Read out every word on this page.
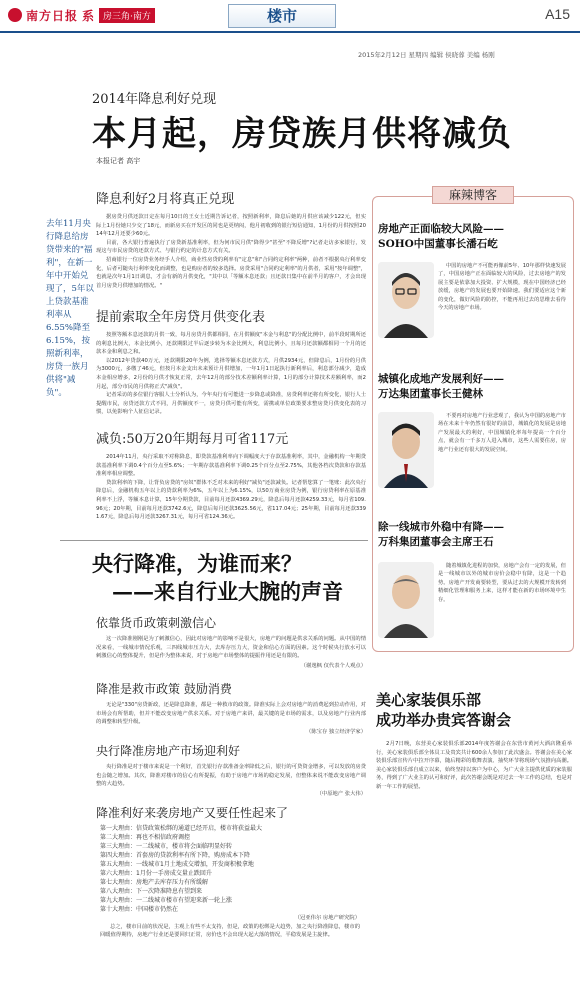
南方日报 系 房三角·南方	楼市	A15
2015年2月12日 星期四 编辑 侯晓蓉 美编 杨刚
2014年降息利好兑现
本月起，房贷族月供将减负
本报记者 高宇
去年11月央行降息给房贷带来的"福利"，在新一年中开始兑现了，5年以上贷款基准利率从6.55%降至6.15%，按照新利率，房贷一族月供将"减负"。
降息利好2月将真正兑现

据房贷月供还款日定在每月10日的王女士近期告诉记者，按照新利率，降息后她的月供应该减少122元，但实际上1月份她只少交了18元，而新房买在开发区的同也是更纳闷，他月初收到的银行短信通知，1月份的月供按照2014年12月还要少60元。

目前，各大银行普遍执行了房贷新基准利率，但为何市民月供"降得少"甚至"不降反增"?记者走访多家银行，发现这与市民房贷的还款方式、与银行约定的计息方式有关。

招商银行一位房贷业务经手人介绍，商业性房贷的利率有"定息"和"合同约定利率"两种，前者不根据央行利率变化，后者可随央行利率变化而调整，也是购房者的较多选择。房贷采用"合同约定利率"的月供者，采用"按年调整"，也就是次年1月1日调息，才会有新的月供变化，"其中以「等额本息还款」且还款日集中在前半月的客户，才会出现首月房贷月供增加的情况。"

提前索取全年房贷月供变化表

按照等额本息还款的月供一致，每月房贷月供都相同，在月供额度"本金与利息"的分配比例中，前半段时期所还的利息比例大，本金比例小，还款期限过半后逐步转为本金比例大，利息比例小，且每月还款额都相同一个月的还款本金和利息之和。

以2012年贷款40万元，还款期限20年为例，选择等额本息还款方式，月供2934元，但降息后，1月份的月供为3000元，多缴了46元，但按月本金支出未来预计月供增加，一年1月1日起执行新利率后，利息部分减少，造成本金相应增多，2月份的月供才恢复正常，去年12月的部分技术差额利率计算，1月的部分计算技术差额利率，而2月起，部分市民的月供将正式"减负"。

记者采访的多位银行客服人士分析认为，今年央行有可能进一步降息或降准，房贷利率还将有所变化，银行人士提醒市民，房贷还款方式不同，月供额度不一，房贷月供可能有所变，需携或单位政策要求整房贷月供变化表的习惯，以免影响个人征信记录。

减负:50万20年期每月可省117元

2014年11月，央行采取不对称降息，即贷款基准利率向下调幅度大于存款基准利率，其中，金融机构一年期贷款基准利率下调0.4个百分点至5.6%；一年期存款基准利率下调0.25个百分点至2.75%，其他各档次贷款和存款基准利率相应调整。

贷款利率的下降，让背负房贷的"房奴"群体不乏对未来的利好"减负"还款减负。记者帮您算了一笔账：此次央行降息后，金融机构五年以上的贷款利率为6%，五年以上为6.15%，以50万商业房贷为例，银行房贷利率在原基准利率不上浮，等额本息计算，15年分期贷款，目前每月还款4369.29元，降息后每月还款4259.33元，每月省109.96元；20年期，目前每月还款3742.6元，降息后每月还款3625.56元，省117.04元；25年期，目前每月还款3391.67元，降息后每月还款3267.31元，每月可省124.36元。

央行降准，为谁而来？
——来自行业大腕的声音
依靠货币政策刺激信心

这一次降准刚刚是为了刺激信心，因此对房地产的影响不是很大，房地产的问题是供求关系的问题。从中国的情况来看，一线城市情况乐观，三四线城市压力大，去库存压力大，资金和信心方面的因素。这个时候央行放水可以刺激信心的整体提升，但是作为整体来说，对于房地产市场整体的提振作用还是有限的。

（谢逸枫 仅代表个人观点）

降准是救市政策 鼓励消费

无论是"330"房贷新政，还是降息降准，都是一种救市的政策。降准实际上会对房地产的消费起到拉动作用，对市场会有所帮助，但并不能改变房地产供求关系。对于房地产来讲，最关键的是市场的需求，以及房地产行业内部的调整和转型升级。

（陈宝存 独立经济学家）

央行降准房地产市场迎利好

央行降准是对于楼市来说是一个利好，首先银行存款准备金率降低之后，银行的可贷资金增多，可以发放的房贷也会随之增加。其次，降准对楼市的信心有所提振，有助于房地产市场的稳定发展，但整体来说不能改变房地产调整的大趋势。

（中原地产 张大伟）

降准利好来袭房地产又要任性起来了
第一大理由：信贷政策松绑的通道已经开启，楼市将获益最大
第二大理由：再也不相信政府调控
第三大理由：一二线城市，楼市将会面临明显好转
第四大理由：首套房的贷款利率有所下降，购房成本下降
第五大理由：一线城市1月土地成交增加，开发商积极拿地
第六大理由：1月份一手房成交量止跌回升
第七大理由：房地产去库存压力有所缓解
第八大理由：下一次降准降息有望到来
第九大理由：一二线城市楼市有望迎来新一轮上涨
第十大理由：中国楼市仍然在

（冠亚伟尔 房地产研究院）

总之，楼市目前的状况是，主观上有些不太支持，但是，政策的松绑是大趋势，加之央行降准降息，楼市的回暖值得期待，房地产行业还是要回归正常，房价也不会出现大起大落的情况，平稳发展是主旋律。

麻辣博客
房地产正面临较大风险——
SOHO中国董事长潘石屹
中国的房地产不可能再像前5年、10年那样快速发展了，中国房地产正在面临较大的风险，过去房地产的发展主要是依靠加大投资、扩大规模，现在中国经济已经放缓，房地产的发展也要开始降速。我们要适应这个新的变化，做好风险的防控，不能再用过去的思维去看待今天的房地产市场。
城镇化成地产发展利好——
万达集团董事长王健林
不要再对房地产行业悲观了，我认为中国的房地产市场在未来十年仍然有很好的前景，城镇化的发展是房地产发展最大的利好，中国城镇化率每年提高一个百分点，就会有一千多万人进入城市，这些人需要住房，房地产行业还有很大的发展空间。
除一线城市外稳中有降——
万科集团董事会主席王石
随着城镇化进程的加快，房地产会有一定的发展，但是一线城市以外的城市房价会稳中有降，这是一个趋势。房地产开发商要转型，要从过去的大规模开发转到精细化管理和服务上来，这样才能在新的市场环境中生存。
美心家装俱乐部
成功举办贵宾答谢会
2月7日晚，东营美心家装俱乐部2014年度答谢会在东营市黄河大酒店隆重举行，美心家装俱乐部全体员工及贵宾共计600余人参加了此次盛会。答谢会在美心家装俱乐部宣传片中拉开序幕，随后精彩的歌舞表演、抽奖环节将现场气氛推向高潮。美心家装俱乐部自成立以来，始终坚持以客户为中心，为广大业主提供优质的家装服务，得到了广大业主的认可和好评，此次答谢会既是对过去一年工作的总结，也是对新一年工作的展望。
